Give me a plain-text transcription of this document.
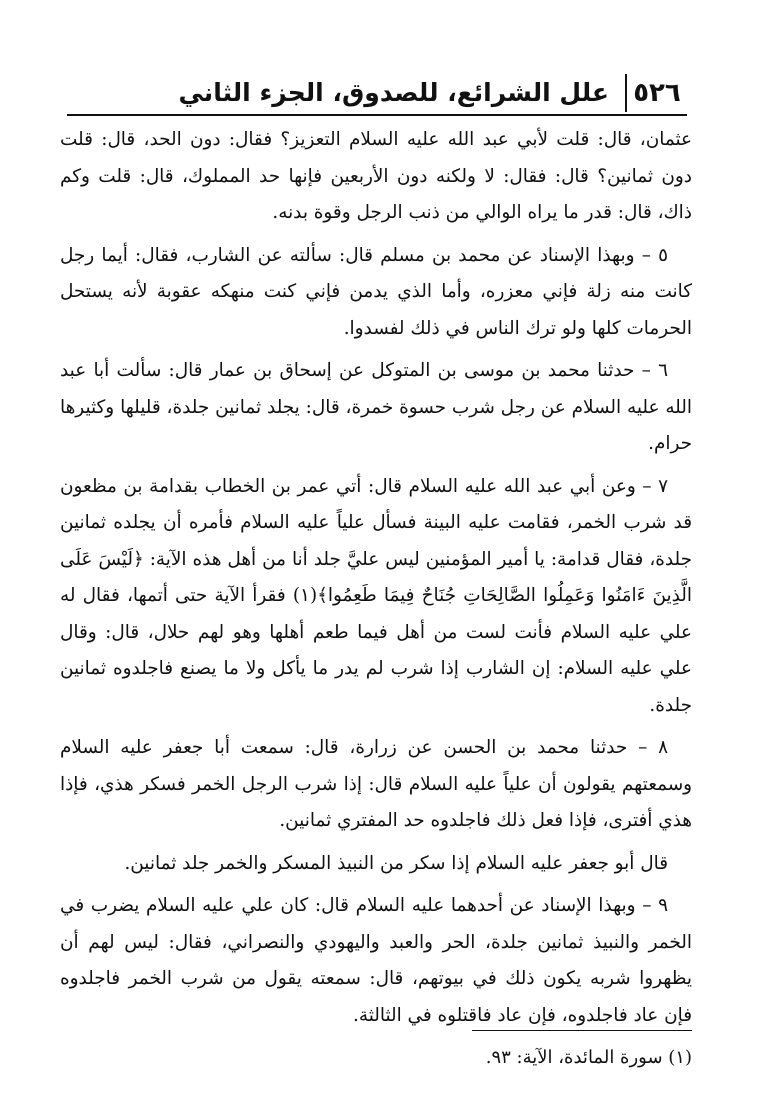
٥٢٦
علل الشرائع، للصدوق، الجزء الثاني

عثمان، قال: قلت لأبي عبد الله عليه السلام التعزيز؟ فقال: دون الحد، قال: قلت دون ثمانين؟ قال: فقال: لا ولكنه دون الأربعين فإنها حد المملوك، قال: قلت وكم ذاك، قال: قدر ما يراه الوالي من ذنب الرجل وقوة بدنه.

٥ – وبهذا الإسناد عن محمد بن مسلم قال: سألته عن الشارب، فقال: أيما رجل كانت منه زلة فإني معزره، وأما الذي يدمن فإني كنت منهكه عقوبة لأنه يستحل الحرمات كلها ولو ترك الناس في ذلك لفسدوا.

٦ – حدثنا محمد بن موسى بن المتوكل عن إسحاق بن عمار قال: سألت أبا عبد الله عليه السلام عن رجل شرب حسوة خمرة، قال: يجلد ثمانين جلدة، قليلها وكثيرها حرام.

٧ – وعن أبي عبد الله عليه السلام قال: أتي عمر بن الخطاب بقدامة بن مظعون قد شرب الخمر، فقامت عليه البينة فسأل علياً عليه السلام فأمره أن يجلده ثمانين جلدة، فقال قدامة: يا أمير المؤمنين ليس عليَّ جلد أنا من أهل هذه الآية: ﴿لَيْسَ عَلَى الَّذِينَ ءَامَنُوا وَعَمِلُوا الصَّالِحَاتِ جُنَاحٌ فِيمَا طَعِمُوا﴾(١) فقرأ الآية حتى أتمها، فقال له علي عليه السلام فأنت لست من أهل فيما طعم أهلها وهو لهم حلال، قال: وقال علي عليه السلام: إن الشارب إذا شرب لم يدر ما يأكل ولا ما يصنع فاجلدوه ثمانين جلدة.

٨ – حدثنا محمد بن الحسن عن زرارة، قال: سمعت أبا جعفر عليه السلام وسمعتهم يقولون أن علياً عليه السلام قال: إذا شرب الرجل الخمر فسكر هذي، فإذا هذي أفترى، فإذا فعل ذلك فاجلدوه حد المفتري ثمانين.

قال أبو جعفر عليه السلام إذا سكر من النبيذ المسكر والخمر جلد ثمانين.

٩ – وبهذا الإسناد عن أحدهما عليه السلام قال: كان علي عليه السلام يضرب في الخمر والنبيذ ثمانين جلدة، الحر والعبد واليهودي والنصراني، فقال: ليس لهم أن يظهروا شربه يكون ذلك في بيوتهم، قال: سمعته يقول من شرب الخمر فاجلدوه فإن عاد فاجلدوه، فإن عاد فاقتلوه في الثالثة.

(١) سورة المائدة، الآية: ٩٣.
